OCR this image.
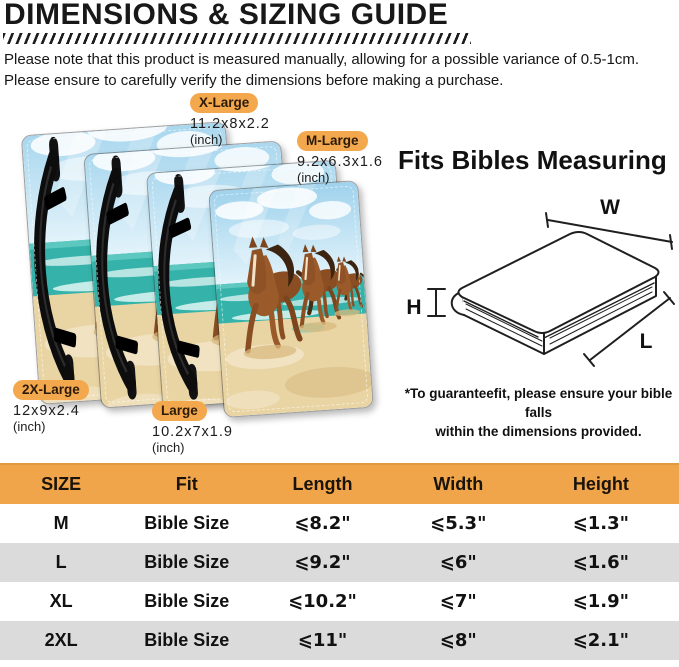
DIMENSIONS & SIZING GUIDE
Please note that this product is measured manually, allowing for a possible variance of 0.5-1cm.
Please ensure to carefully verify the dimensions before making a purchase.
X-Large
11.2x8x2.2
(inch)	M-Large
9.2x6.3x1.6
(inch)
2X-Large
12x9x2.4
(inch)
Large
10.2x7x1.9
(inch)
Fits Bibles Measuring
W
H
L
*To guaranteefit, please ensure your bible falls
within the dimensions provided.
SIZE	Fit	Length	Width	Height
M	Bible Size	⩽8.2"	⩽5.3"	⩽1.3"
L	Bible Size	⩽9.2"	⩽6"	⩽1.6"
XL	Bible Size	⩽10.2"	⩽7"	⩽1.9"
2XL	Bible Size	⩽11"	⩽8"	⩽2.1"
